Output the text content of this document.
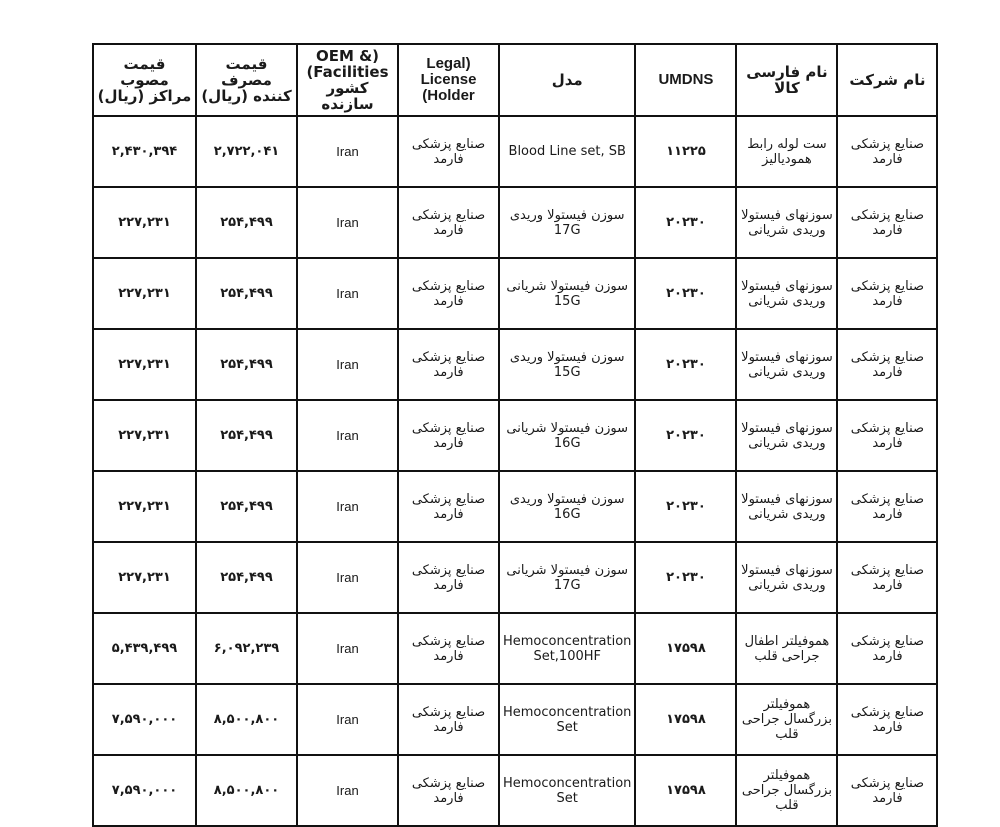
قیمت مصوب مراکز (ریال)	قیمت مصرف کننده (ریال)	OEM &) (Facilities کشور سازنده	Legal) License (Holder	مدل	UMDNS	نام فارسی کالا	نام شرکت
۲,۴۳۰,۳۹۴	۲,۷۲۲,۰۴۱	Iran	صنایع پزشکی فارمد	Blood Line set, SB	۱۱۲۲۵	ست لوله رابط همودیالیز	صنایع پزشکی فارمد
۲۲۷,۲۳۱	۲۵۴,۴۹۹	Iran	صنایع پزشکی فارمد	سوزن فیستولا وریدی 17G	۲۰۲۳۰	سوزنهای فیستولا وریدی شریانی	صنایع پزشکی فارمد
۲۲۷,۲۳۱	۲۵۴,۴۹۹	Iran	صنایع پزشکی فارمد	سوزن فیستولا شریانی 15G	۲۰۲۳۰	سوزنهای فیستولا وریدی شریانی	صنایع پزشکی فارمد
۲۲۷,۲۳۱	۲۵۴,۴۹۹	Iran	صنایع پزشکی فارمد	سوزن فیستولا وریدی 15G	۲۰۲۳۰	سوزنهای فیستولا وریدی شریانی	صنایع پزشکی فارمد
۲۲۷,۲۳۱	۲۵۴,۴۹۹	Iran	صنایع پزشکی فارمد	سوزن فیستولا شریانی 16G	۲۰۲۳۰	سوزنهای فیستولا وریدی شریانی	صنایع پزشکی فارمد
۲۲۷,۲۳۱	۲۵۴,۴۹۹	Iran	صنایع پزشکی فارمد	سوزن فیستولا وریدی 16G	۲۰۲۳۰	سوزنهای فیستولا وریدی شریانی	صنایع پزشکی فارمد
۲۲۷,۲۳۱	۲۵۴,۴۹۹	Iran	صنایع پزشکی فارمد	سوزن فیستولا شریانی 17G	۲۰۲۳۰	سوزنهای فیستولا وریدی شریانی	صنایع پزشکی فارمد
۵,۴۳۹,۴۹۹	۶,۰۹۲,۲۳۹	Iran	صنایع پزشکی فارمد	Hemoconcentration Set,100HF	۱۷۵۹۸	هموفیلتر اطفال جراحی قلب	صنایع پزشکی فارمد
۷,۵۹۰,۰۰۰	۸,۵۰۰,۸۰۰	Iran	صنایع پزشکی فارمد	Hemoconcentration Set	۱۷۵۹۸	هموفیلتر بزرگسال جراحی قلب	صنایع پزشکی فارمد
۷,۵۹۰,۰۰۰	۸,۵۰۰,۸۰۰	Iran	صنایع پزشکی فارمد	Hemoconcentration Set	۱۷۵۹۸	هموفیلتر بزرگسال جراحی قلب	صنایع پزشکی فارمد
